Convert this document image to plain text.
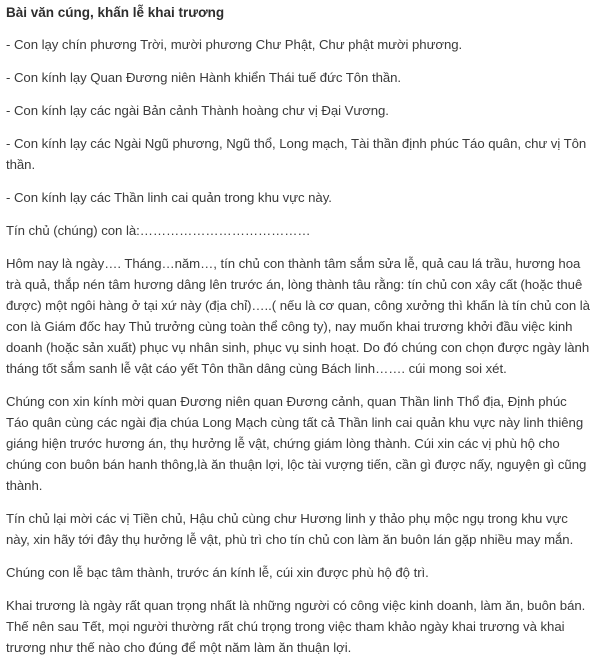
Bài văn cúng, khấn lễ khai trương
- Con lạy chín phương Trời, mười phương Chư Phật, Chư phật mười phương.
- Con kính lạy Quan Đương niên Hành khiển Thái tuế đức Tôn thần.
- Con kính lạy các ngài Bản cảnh Thành hoàng chư vị Đại Vương.
- Con kính lạy các Ngài Ngũ phương, Ngũ thổ, Long mạch, Tài thần định phúc Táo quân, chư vị Tôn thần.
- Con kính lạy các Thần linh cai quản trong khu vực này.
Tín chủ (chúng) con là:…………………………………
Hôm nay là ngày…. Tháng…năm…, tín chủ con thành tâm sắm sửa lễ, quả cau lá trầu, hương hoa trà quả, thắp nén tâm hương dâng lên trước án, lòng thành tâu rằng: tín chủ con xây cất (hoặc thuê được) một ngôi hàng ở tại xứ này (địa chỉ)…..( nếu là cơ quan, công xưởng thì khấn là tín chủ con là con là Giám đốc hay Thủ trưởng cùng toàn thể công ty), nay muốn khai trương khởi đầu việc kinh doanh (hoặc sản xuất) phục vụ nhân sinh, phục vụ sinh hoạt. Do đó chúng con chọn được ngày lành tháng tốt sắm sanh lễ vật cáo yết Tôn thần dâng cùng Bách linh……. cúi mong soi xét.
Chúng con xin kính mời quan Đương niên quan Đương cảnh, quan Thần linh Thổ địa, Định phúc Táo quân cùng các ngài địa chúa Long Mạch cùng tất cả Thần linh cai quản khu vực này linh thiêng giáng hiện trước hương án, thụ hưởng lễ vật, chứng giám lòng thành. Cúi xin các vị phù hộ cho chúng con buôn bán hanh thông,là ăn thuận lợi, lộc tài vượng tiến, cần gì được nấy, nguyện gì cũng thành.
Tín chủ lại mời các vị Tiền chủ, Hậu chủ cùng chư Hương linh y thảo phụ mộc ngụ trong khu vực này, xin hãy tới đây thụ hưởng lễ vật, phù trì cho tín chủ con làm ăn buôn lán gặp nhiều may mắn.
Chúng con lễ bạc tâm thành, trước án kính lễ, cúi xin được phù hộ độ trì.
Khai trương là ngày rất quan trọng nhất là những người có công việc kinh doanh, làm ăn, buôn bán. Thế nên sau Tết, mọi người thường rất chú trọng trong việc tham khảo ngày khai trương và khai trương như thế nào cho đúng để một năm làm ăn thuận lợi.
